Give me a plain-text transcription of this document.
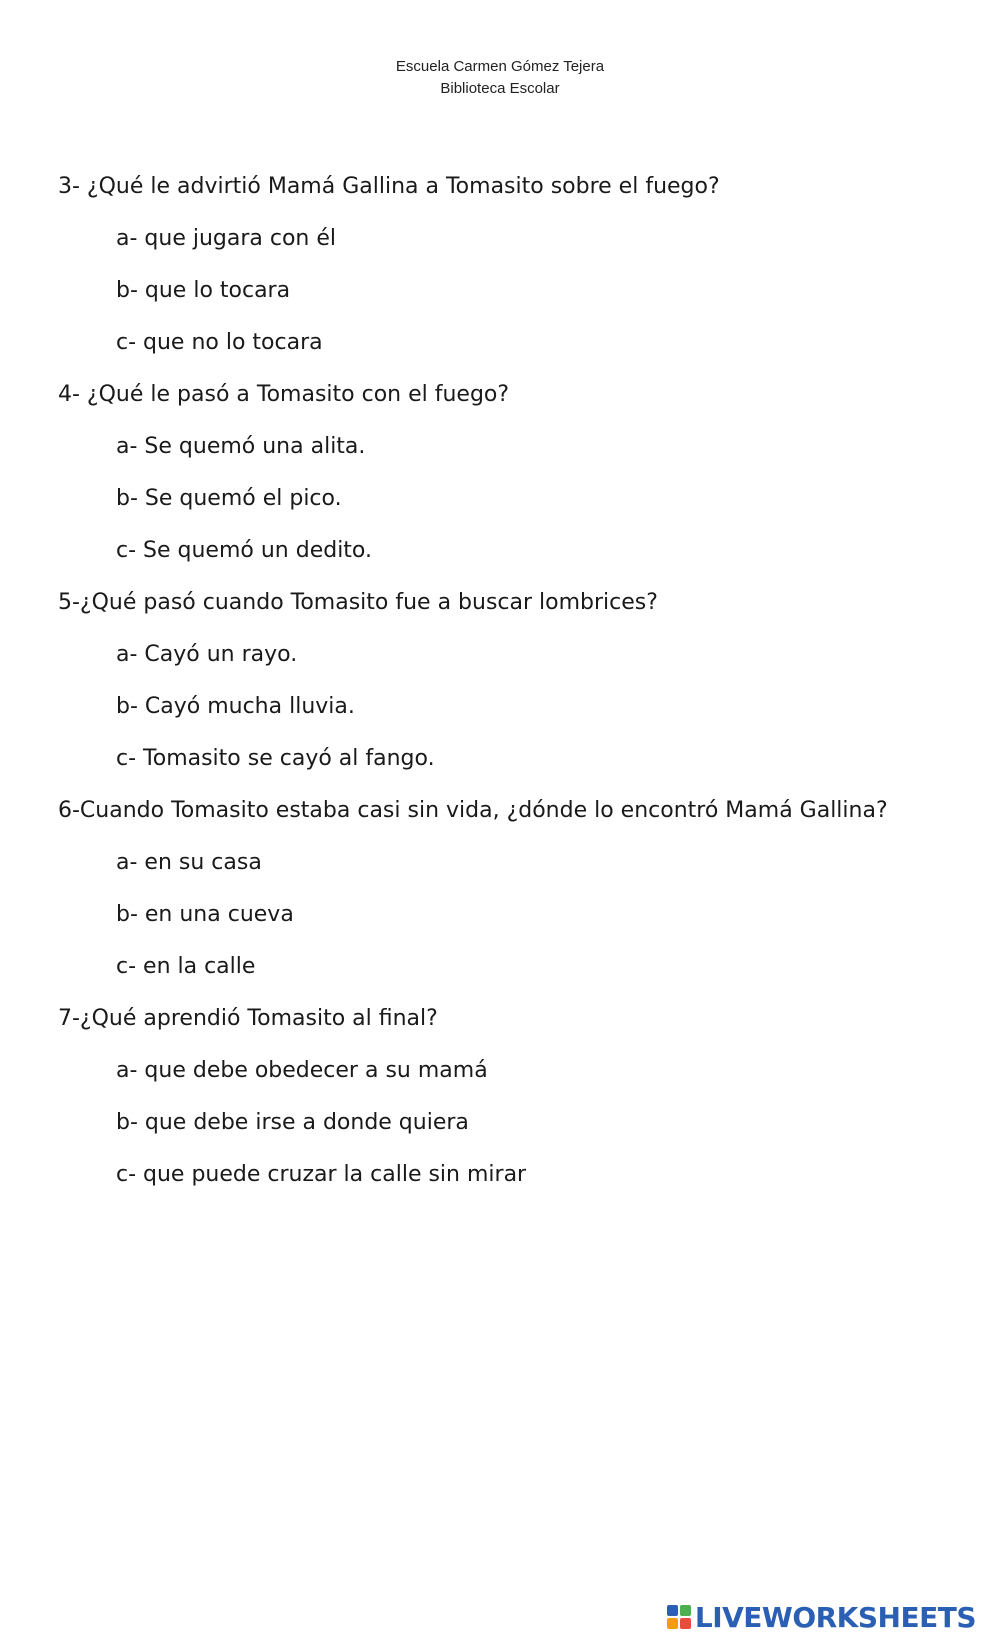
Escuela Carmen Gómez Tejera
Biblioteca Escolar
3- ¿Qué le advirtió Mamá Gallina a Tomasito sobre el fuego?
a- que jugara con él
b- que lo tocara
c- que no lo tocara
4- ¿Qué le pasó a Tomasito con el fuego?
a- Se quemó una alita.
b- Se quemó el pico.
c- Se quemó un dedito.
5-¿Qué pasó cuando Tomasito fue a buscar lombrices?
a- Cayó un rayo.
b- Cayó mucha lluvia.
c- Tomasito se cayó al fango.
6-Cuando Tomasito estaba casi sin vida, ¿dónde lo encontró Mamá Gallina?
a- en su casa
b- en una cueva
c- en la calle
7-¿Qué aprendió Tomasito al final?
a- que debe obedecer a su mamá
b- que debe irse a donde quiera
c- que puede cruzar la calle sin mirar
LIVEWORKSHEETS
